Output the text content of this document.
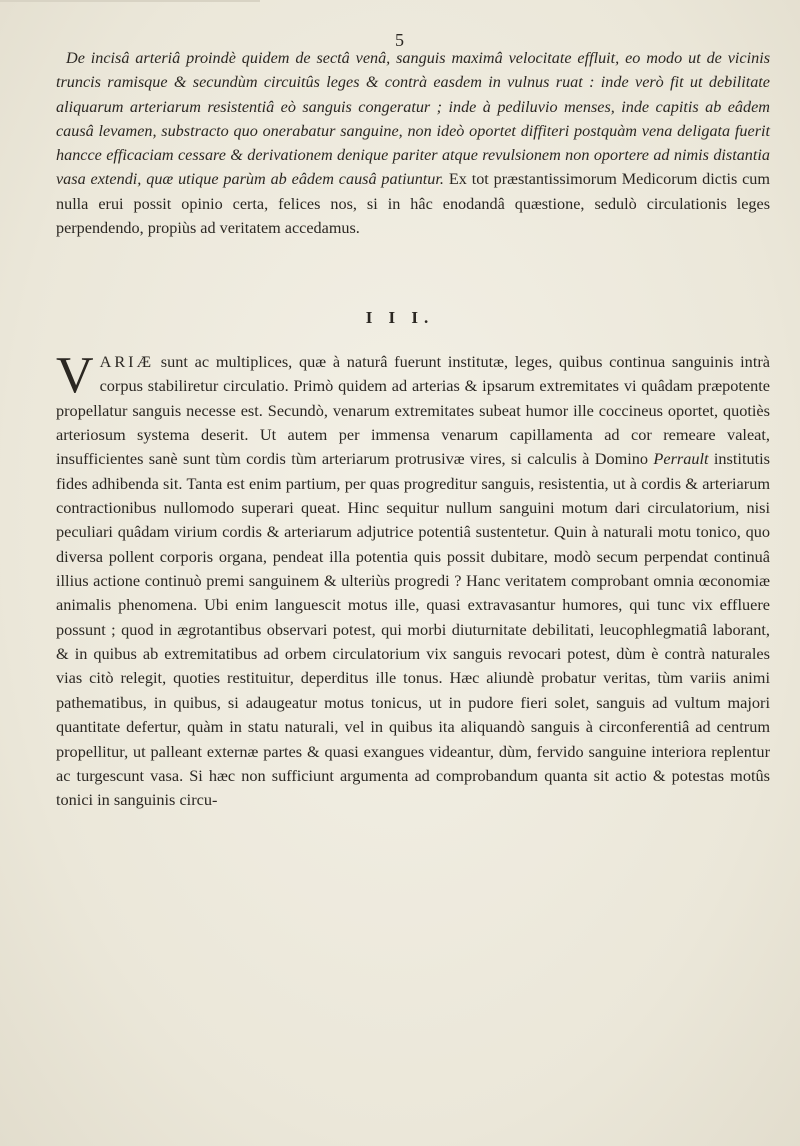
5

De incisâ arteriâ proindè quidem de sectâ venâ, sanguis maximâ velocitate effluit, eo modo ut de vicinis truncis ramisque & secundùm circuitûs leges & contrà easdem in vulnus ruat : inde verò fit ut debilitate aliquarum arteriarum resistentiâ eò sanguis congeratur ; inde à pediluvio menses, inde capitis ab eâdem causâ levamen, substracto quo onerabatur sanguine, non ideò oportet diffiteri postquàm vena deligata fuerit hancce efficaciam cessare & derivationem denique pariter atque revulsionem non oportere ad nimis distantia vasa extendi, quæ utique parùm ab eâdem causâ patiuntur. Ex tot præstantissimorum Medicorum dictis cum nulla erui possit opinio certa, felices nos, si in hâc enodandâ quæstione, sedulò circulationis leges perpendendo, propiùs ad veritatem accedamus.

I I I.

VARIÆ sunt ac multiplices, quæ à naturâ fuerunt institutæ, leges, quibus continua sanguinis intrà corpus stabiliretur circulatio. Primò quidem ad arterias & ipsarum extremitates vi quâdam præpotente propellatur sanguis necesse est. Secundò, venarum extremitates subeat humor ille coccineus oportet, quotiès arteriosum systema deserit. Ut autem per immensa venarum capillamenta ad cor remeare valeat, insufficientes sanè sunt tùm cordis tùm arteriarum protrusivæ vires, si calculis à Domino Perrault institutis fides adhibenda sit. Tanta est enim partium, per quas progreditur sanguis, resistentia, ut à cordis & arteriarum contractionibus nullomodo superari queat. Hinc sequitur nullum sanguini motum dari circulatorium, nisi peculiari quâdam virium cordis & arteriarum adjutrice potentiâ sustentetur. Quin à naturali motu tonico, quo diversa pollent corporis organa, pendeat illa potentia quis possit dubitare, modò secum perpendat continuâ illius actione continuò premi sanguinem & ulteriùs progredi ? Hanc veritatem comprobant omnia œconomiæ animalis phenomena. Ubi enim languescit motus ille, quasi extravasantur humores, qui tunc vix effluere possunt ; quod in ægrotantibus observari potest, qui morbi diuturnitate debilitati, leucophlegmatiâ laborant, & in quibus ab extremitatibus ad orbem circulatorium vix sanguis revocari potest, dùm è contrà naturales vias citò relegit, quoties restituitur, deperditus ille tonus. Hæc aliundè probatur veritas, tùm variis animi pathematibus, in quibus, si adaugeatur motus tonicus, ut in pudore fieri solet, sanguis ad vultum majori quantitate defertur, quàm in statu naturali, vel in quibus ita aliquandò sanguis à circonferentiâ ad centrum propellitur, ut palleant externæ partes & quasi exangues videantur, dùm, fervido sanguine interiora replentur ac turgescunt vasa. Si hæc non sufficiunt argumenta ad comprobandum quanta sit actio & potestas motûs tonici in sanguinis circu-
